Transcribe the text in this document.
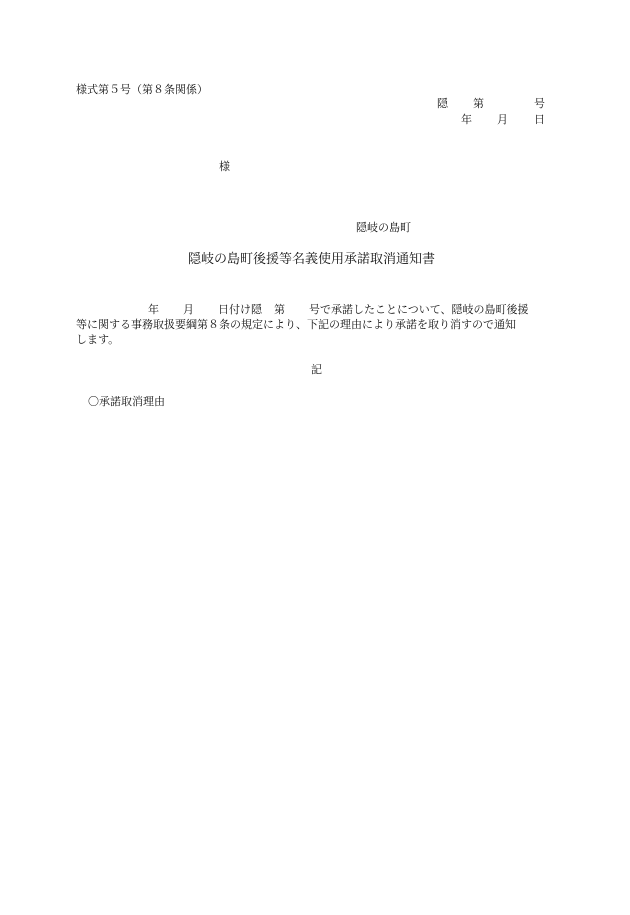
様式第５号（第８条関係）
隠 第	号
年 月 日
様
隠岐の島町
隠岐の島町後援等名義使用承諾取消通知書
年 月 日付け隠 第 号で承諾したことについて、隠岐の島町後援
等に関する事務取扱要綱第８条の規定により、下記の理由により承諾を取り消すので通知
します。
記
〇承諾取消理由
